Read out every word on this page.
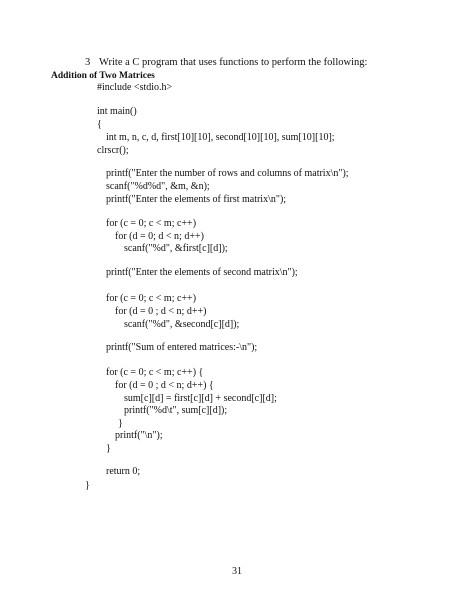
3 Write a C program that uses functions to perform the following:
Addition of Two Matrices
#include <stdio.h>
int main()
{
int m, n, c, d, first[10][10], second[10][10], sum[10][10];
clrscr();
printf("Enter the number of rows and columns of matrix\n");
scanf("%d%d", &m, &n);
printf("Enter the elements of first matrix\n");
for (c = 0; c < m; c++)
for (d = 0; d < n; d++)
scanf("%d", &first[c][d]);
printf("Enter the elements of second matrix\n");
for (c = 0; c < m; c++)
for (d = 0 ; d < n; d++)
scanf("%d", &second[c][d]);
printf("Sum of entered matrices:-\n");
for (c = 0; c < m; c++) {
for (d = 0 ; d < n; d++) {
sum[c][d] = first[c][d] + second[c][d];
printf("%d\t", sum[c][d]);
}
printf("\n");
}
return 0;
}
31
